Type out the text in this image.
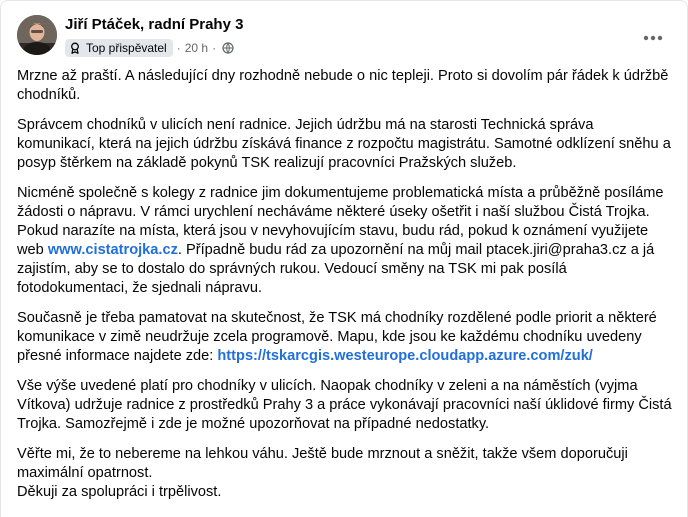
Jiří Ptáček, radní Prahy 3
Top přispěvatel · 20 h ·

Mrzne až praští. A následující dny rozhodně nebude o nic tepleji. Proto si dovolím pár řádek k údržbě chodníků.

Správcem chodníků v ulicích není radnice. Jejich údržbu má na starosti Technická správa komunikací, která na jejich údržbu získává finance z rozpočtu magistrátu. Samotné odklízení sněhu a posyp štěrkem na základě pokynů TSK realizují pracovníci Pražských služeb.

Nicméně společně s kolegy z radnice jim dokumentujeme problematická místa a průběžně posíláme žádosti o nápravu. V rámci urychlení necháváme některé úseky ošetřit i naší službou Čistá Trojka. Pokud narazíte na místa, která jsou v nevyhovujícím stavu, budu rád, pokud k oznámení využijete web www.cistatrojka.cz. Případně budu rád za upozornění na můj mail ptacek.jiri@praha3.cz a já zajistím, aby se to dostalo do správných rukou. Vedoucí směny na TSK mi pak posílá fotodokumentaci, že sjednali nápravu.

Současně je třeba pamatovat na skutečnost, že TSK má chodníky rozdělené podle priorit a některé komunikace v zimě neudržuje zcela programově. Mapu, kde jsou ke každému chodníku uvedeny přesné informace najdete zde: https://tskarcgis.westeurope.cloudapp.azure.com/zuk/

Vše výše uvedené platí pro chodníky v ulicích. Naopak chodníky v zeleni a na náměstích (vyjma Vítkova) udržuje radnice z prostředků Prahy 3 a práce vykonávají pracovníci naší úklidové firmy Čistá Trojka. Samozřejmě i zde je možné upozorňovat na případné nedostatky.

Věřte mi, že to nebereme na lehkou váhu. Ještě bude mrznout a sněžit, takže všem doporučuji maximální opatrnost.

Děkuji za spolupráci i trpělivost.
